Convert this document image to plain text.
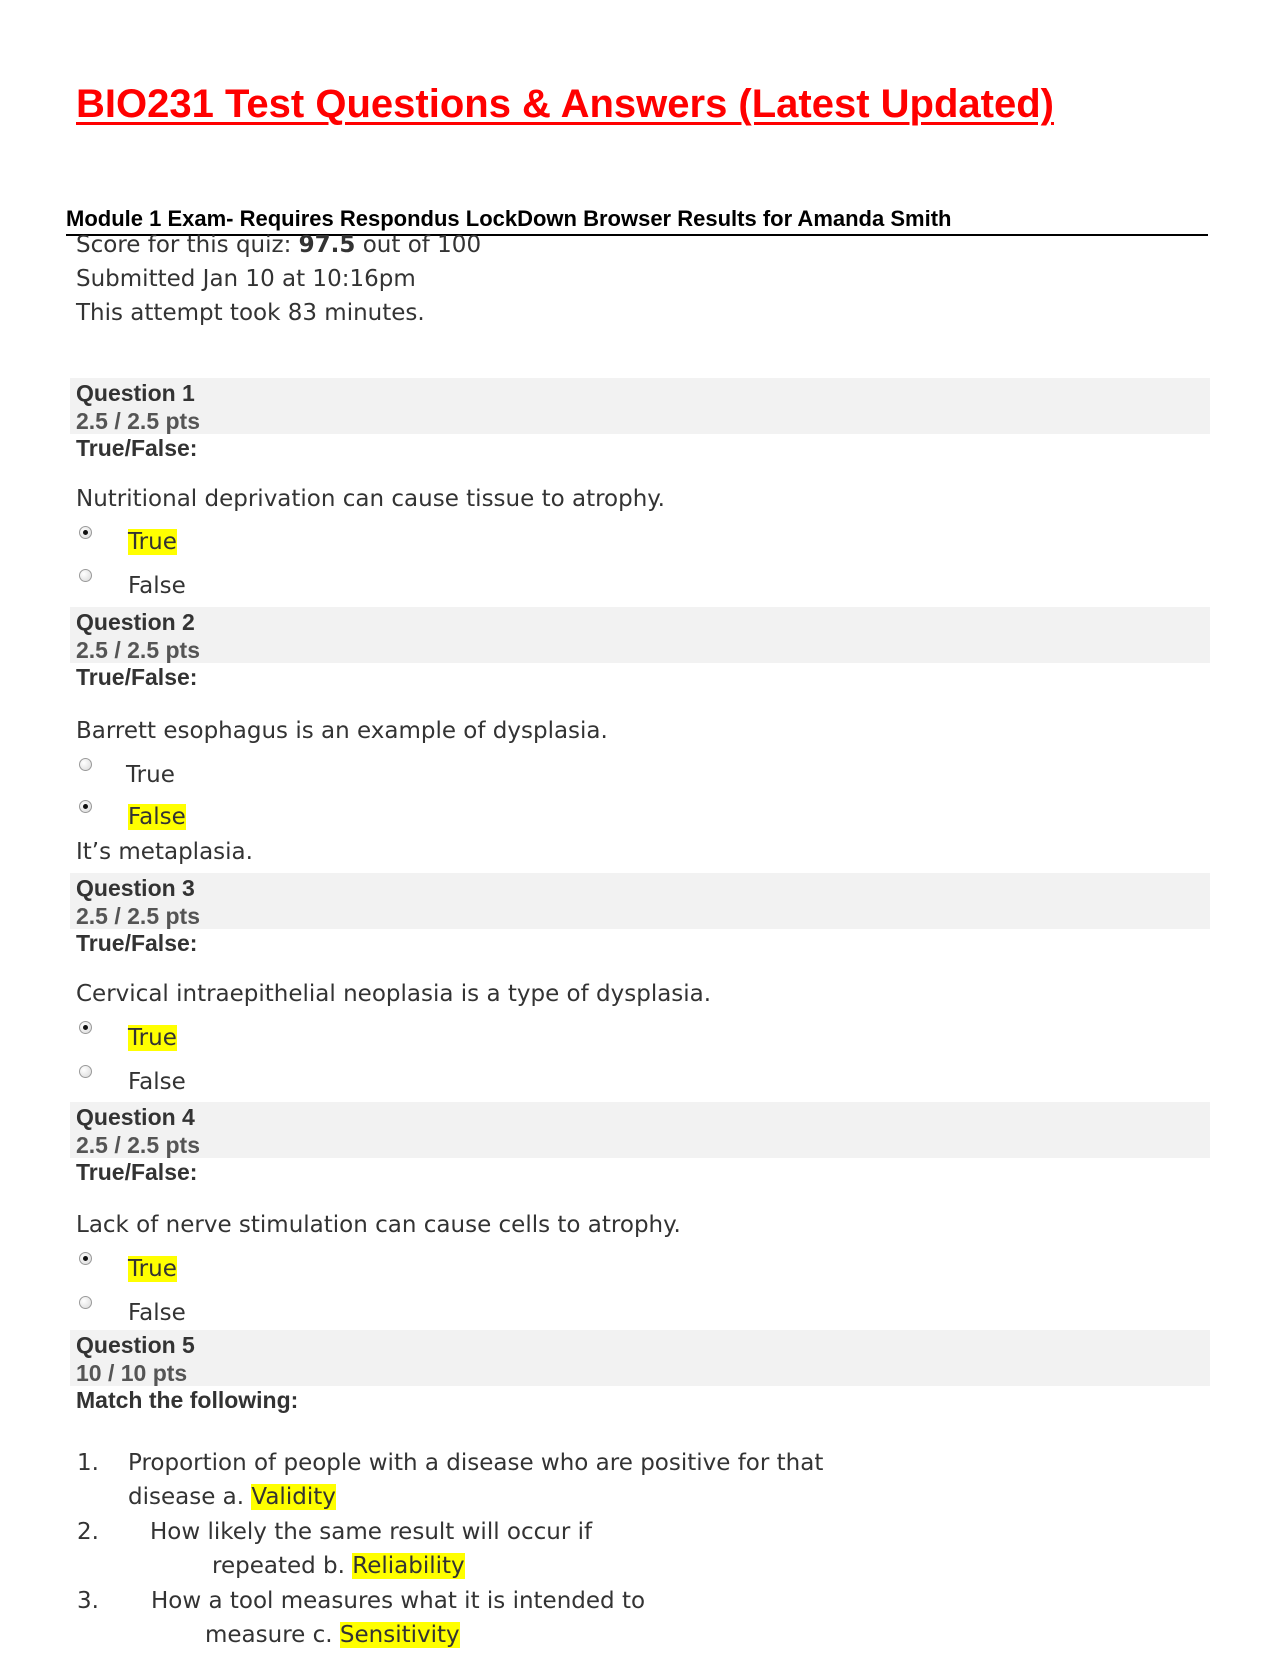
BIO231 Test Questions & Answers (Latest Updated)
Module 1 Exam- Requires Respondus LockDown Browser Results for Amanda Smith
Score for this quiz: 97.5 out of 100
Submitted Jan 10 at 10:16pm
This attempt took 83 minutes.
Question 1
2.5 / 2.5 pts
True/False:
Nutritional deprivation can cause tissue to atrophy.
True
False
Question 2
2.5 / 2.5 pts
True/False:
Barrett esophagus is an example of dysplasia.
True
False
It’s metaplasia.
Question 3
2.5 / 2.5 pts
True/False:
Cervical intraepithelial neoplasia is a type of dysplasia.
True
False
Question 4
2.5 / 2.5 pts
True/False:
Lack of nerve stimulation can cause cells to atrophy.
True
False
Question 5
10 / 10 pts
Match the following:
1. Proportion of people with a disease who are positive for that
disease a. Validity
2. How likely the same result will occur if
repeated b. Reliability
3. How a tool measures what it is intended to
measure c. Sensitivity
